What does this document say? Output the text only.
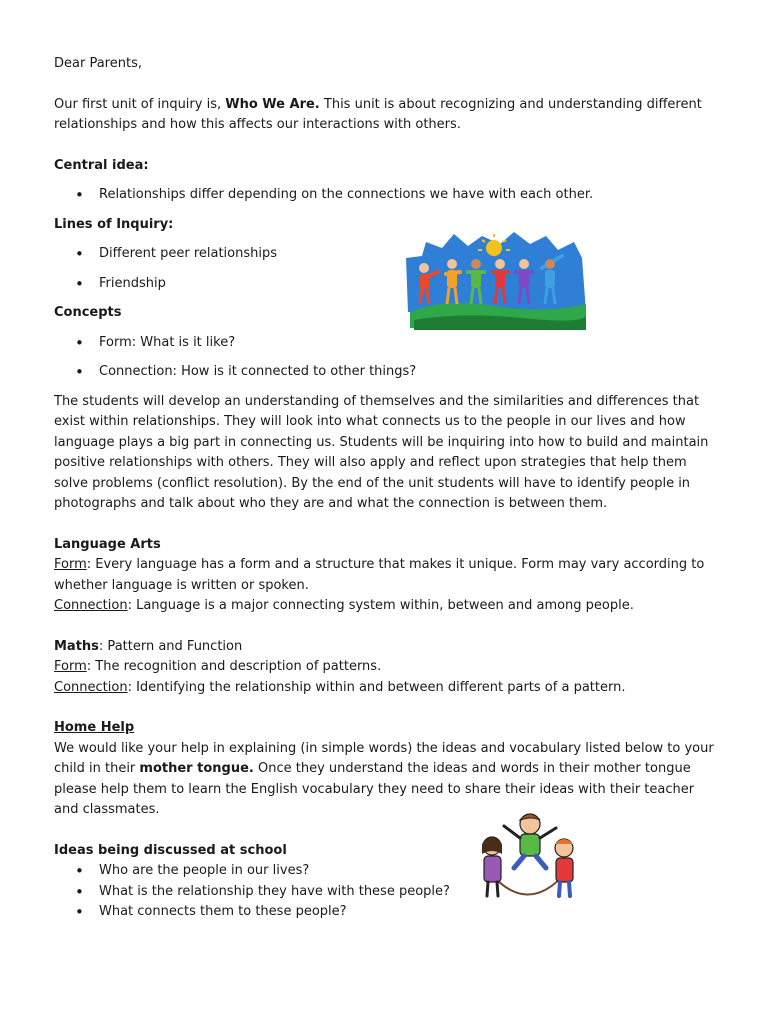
Dear Parents,

Our first unit of inquiry is, Who We Are. This unit is about recognizing and understanding different relationships and how this affects our interactions with others.

Central idea:

• Relationships differ depending on the connections we have with each other.

Lines of Inquiry:

• Different peer relationships
• Friendship

Concepts

• Form: What is it like?
• Connection: How is it connected to other things?

The students will develop an understanding of themselves and the similarities and differences that exist within relationships. They will look into what connects us to the people in our lives and how language plays a big part in connecting us. Students will be inquiring into how to build and maintain positive relationships with others. They will also apply and reflect upon strategies that help them solve problems (conflict resolution). By the end of the unit students will have to identify people in photographs and talk about who they are and what the connection is between them.

Language Arts

Form: Every language has a form and a structure that makes it unique. Form may vary according to whether language is written or spoken.

Connection: Language is a major connecting system within, between and among people.

Maths: Pattern and Function

Form: The recognition and description of patterns.

Connection: Identifying the relationship within and between different parts of a pattern.

Home Help

We would like your help in explaining (in simple words) the ideas and vocabulary listed below to your child in their mother tongue. Once they understand the ideas and words in their mother tongue please help them to learn the English vocabulary they need to share their ideas with their teacher and classmates.

Ideas being discussed at school

• Who are the people in our lives?
• What is the relationship they have with these people?
• What connects them to these people?
